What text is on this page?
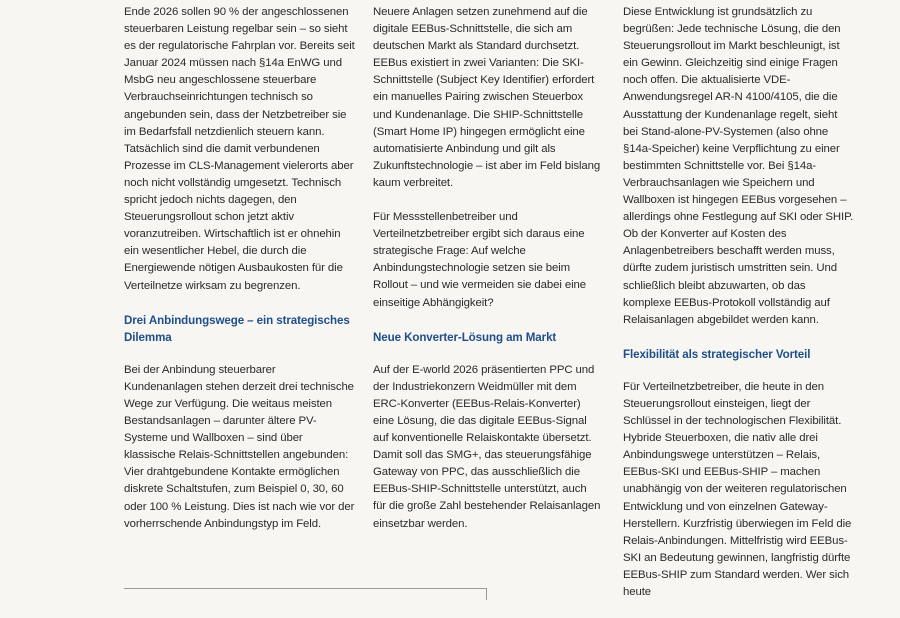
Ende 2026 sollen 90 % der angeschlossenen steuerbaren Leistung regelbar sein – so sieht es der regulatorische Fahrplan vor. Bereits seit Januar 2024 müssen nach §14a EnWG und MsbG neu angeschlossene steuerbare Verbrauchseinrichtungen technisch so angebunden sein, dass der Netzbetreiber sie im Bedarfsfall netzdienlich steuern kann. Tatsächlich sind die damit verbundenen Prozesse im CLS-Management vielerorts aber noch nicht vollständig umgesetzt. Technisch spricht jedoch nichts dagegen, den Steuerungsrollout schon jetzt aktiv voranzutreiben. Wirtschaftlich ist er ohnehin ein wesentlicher Hebel, die durch die Energiewende nötigen Ausbaukosten für die Verteilnetze wirksam zu begrenzen.

Drei Anbindungswege – ein strategisches Dilemma

Bei der Anbindung steuerbarer Kundenanlagen stehen derzeit drei technische Wege zur Verfügung. Die weitaus meisten Bestandsanlagen – darunter ältere PV-Systeme und Wallboxen – sind über klassische Relais-Schnittstellen angebunden: Vier drahtgebundene Kontakte ermöglichen diskrete Schaltstufen, zum Beispiel 0, 30, 60 oder 100 % Leistung. Dies ist nach wie vor der vorherrschende Anbindungstyp im Feld.

Neuere Anlagen setzen zunehmend auf die digitale EEBus-Schnittstelle, die sich am deutschen Markt als Standard durchsetzt. EEBus existiert in zwei Varianten: Die SKI-Schnittstelle (Subject Key Identifier) erfordert ein manuelles Pairing zwischen Steuerbox und Kundenanlage. Die SHIP-Schnittstelle (Smart Home IP) hingegen ermöglicht eine automatisierte Anbindung und gilt als Zukunftstechnologie – ist aber im Feld bislang kaum verbreitet.

Für Messstellenbetreiber und Verteilnetzbetreiber ergibt sich daraus eine strategische Frage: Auf welche Anbindungstechnologie setzen sie beim Rollout – und wie vermeiden sie dabei eine einseitige Abhängigkeit?

Neue Konverter-Lösung am Markt

Auf der E-world 2026 präsentierten PPC und der Industriekonzern Weidmüller mit dem ERC-Konverter (EEBus-Relais-Konverter) eine Lösung, die das digitale EEBus-Signal auf konventionelle Relaiskontakte übersetzt. Damit soll das SMG+, das steuerungsfähige Gateway von PPC, das ausschließlich die EEBus-SHIP-Schnittstelle unterstützt, auch für die große Zahl bestehender Relaisanlagen einsetzbar werden.

Diese Entwicklung ist grundsätzlich zu begrüßen: Jede technische Lösung, die den Steuerungsrollout im Markt beschleunigt, ist ein Gewinn. Gleichzeitig sind einige Fragen noch offen. Die aktualisierte VDE-Anwendungsregel AR-N 4100/4105, die die Ausstattung der Kundenanlage regelt, sieht bei Stand-alone-PV-Systemen (also ohne §14a-Speicher) keine Verpflichtung zu einer bestimmten Schnittstelle vor. Bei §14a-Verbrauchsanlagen wie Speichern und Wallboxen ist hingegen EEBus vorgesehen – allerdings ohne Festlegung auf SKI oder SHIP. Ob der Konverter auf Kosten des Anlagenbetreibers beschafft werden muss, dürfte zudem juristisch umstritten sein. Und schließlich bleibt abzuwarten, ob das komplexe EEBus-Protokoll vollständig auf Relaisanlagen abgebildet werden kann.

Flexibilität als strategischer Vorteil

Für Verteilnetzbetreiber, die heute in den Steuerungsrollout einsteigen, liegt der Schlüssel in der technologischen Flexibilität. Hybride Steuerboxen, die nativ alle drei Anbindungswege unterstützen – Relais, EEBus-SKI und EEBus-SHIP – machen unabhängig von der weiteren regulatorischen Entwicklung und von einzelnen Gateway-Herstellern. Kurzfristig überwiegen im Feld die Relais-Anbindungen. Mittelfristig wird EEBus-SKI an Bedeutung gewinnen, langfristig dürfte EEBus-SHIP zum Standard werden. Wer sich heute
